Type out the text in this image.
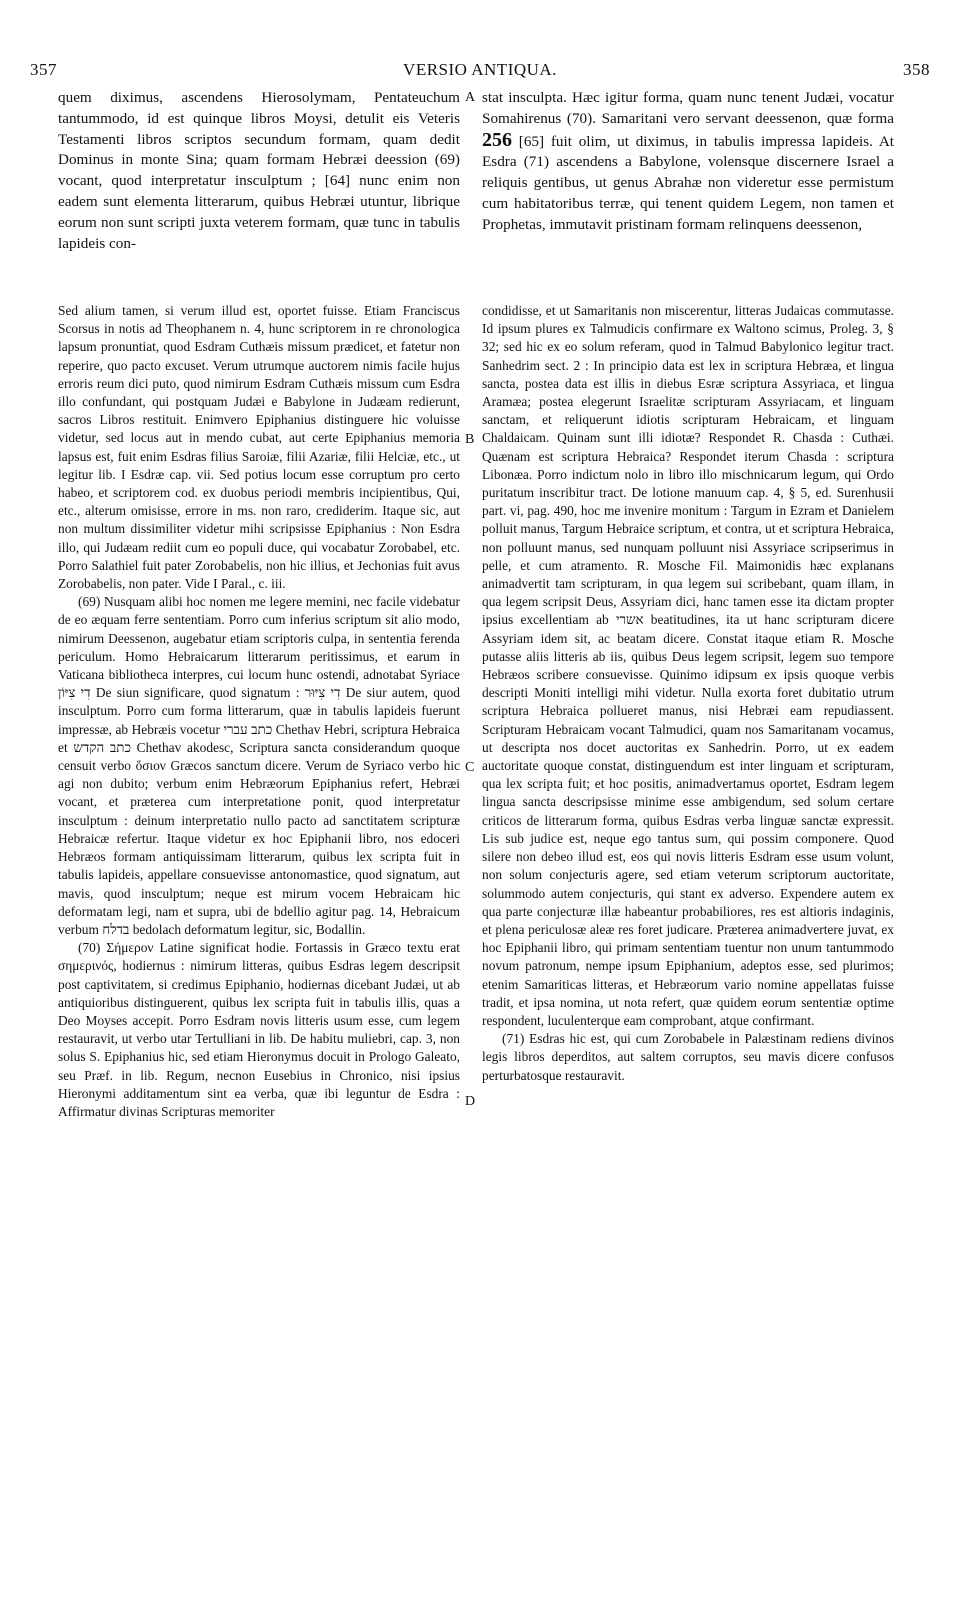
357	VERSIO ANTIQUA.	358

quem diximus, ascendens Hierosolymam, Pentateuchum tantummodo, id est quinque libros Moysi, detulit eis Veteris Testamenti libros scriptos secundum formam, quam dedit Dominus in monte Sina; quam formam Hebræi deession (69) vocant, quod interpretatur insculptum ; [64] nunc enim non eadem sunt elementa litterarum, quibus Hebræi utuntur, librique eorum non sunt scripti juxta veterem formam, quæ tunc in tabulis lapideis con-

stat insculpta. Hæc igitur forma, quam nunc tenent Judæi, vocatur Somahirenus (70). Samaritani vero servant deessenon, quæ forma 256 [65] fuit olim, ut diximus, in tabulis impressa lapideis. At Esdra (71) ascendens a Babylone, volensque discernere Israel a reliquis gentibus, ut genus Abrahæ non videretur esse permistum cum habitatoribus terræ, qui tenent quidem Legem, non tamen et Prophetas, immutavit pristinam formam relinquens deessenon,

Sed alium tamen, si verum illud est, oportet fuisse. Etiam Franciscus Scorsus in notis ad Theophanem n. 4, hunc scriptorem in re chronologica lapsum pronuntiat, quod Esdram Cuthæis missum prædicet, et fatetur non reperire, quo pacto excuset. Verum utrumque auctorem nimis facile hujus erroris reum dici puto, quod nimirum Esdram Cuthæis missum cum Esdra illo confundant, qui postquam Judæi e Babylone in Judæam redierunt, sacros Libros restituit. Enimvero Epiphanius distinguere hic voluisse videtur, sed locus aut in mendo cubat, aut certe Epiphanius memoria lapsus est, fuit enim Esdras filius Saroiæ, filii Azariæ, filii Helciæ, etc., ut legitur lib. I Esdræ cap. vii. Sed potius locum esse corruptum pro certo habeo, et scriptorem cod. ex duobus periodi membris incipientibus, Qui, etc., alterum omisisse, errore in ms. non raro, crediderim. Itaque sic, aut non multum dissimiliter videtur mihi scripsisse Epiphanius : Non Esdra illo, qui Judæam rediit cum eo populi duce, qui vocabatur Zorobabel, etc. Porro Salathiel fuit pater Zorobabelis, non hic illius, et Jechonias fuit avus Zorobabelis, non pater. Vide I Paral., c. iii.

(69) Nusquam alibi hoc nomen me legere memini, nec facile videbatur de eo æquam ferre sententiam. Porro cum inferius scriptum sit alio modo, nimirum Deessenon, augebatur etiam scriptoris culpa, in sententia ferenda periculum. Homo Hebraicarum litterarum peritissimus, et earum in Vaticana bibliotheca interpres, cui locum hunc ostendi, adnotabat Syriace דִי צִיּוֹן De siun significare, quod signatum : דִי צִיּוּר De siur autem, quod insculptum. Porro cum forma litterarum, quæ in tabulis lapideis fuerunt impressæ, ab Hebræis vocetur כתב עברי Chethav Hebri, scriptura Hebraica et כתב הקדש Chethav akodesc, Scriptura sancta considerandum quoque censuit verbo ὅσιον Græcos sanctum dicere. Verum de Syriaco verbo hic agi non dubito; verbum enim Hebræorum Epiphanius refert, Hebræi vocant, et præterea cum interpretatione ponit, quod interpretatur insculptum : deinum interpretatio nullo pacto ad sanctitatem scripturæ Hebraicæ refertur. Itaque videtur ex hoc Epiphanii libro, nos edoceri Hebræos formam antiquissimam litterarum, quibus lex scripta fuit in tabulis lapideis, appellare consuevisse antonomastice, quod signatum, aut mavis, quod insculptum; neque est mirum vocem Hebraicam hic deformatam legi, nam et supra, ubi de bdellio agitur pag. 14, Hebraicum verbum בדלח bedolach deformatum legitur, sic, Bodallin.

(70) Σήμερον Latine significat hodie. Fortassis in Græco textu erat σημερινός, hodiernus : nimirum litteras, quibus Esdras legem descripsit post captivitatem, si credimus Epiphanio, hodiernas dicebant Judæi, ut ab antiquioribus distinguerent, quibus lex scripta fuit in tabulis illis, quas a Deo Moyses accepit. Porro Esdram novis litteris usum esse, cum legem restauravit, ut verbo utar Tertulliani in lib. De habitu muliebri, cap. 3, non solus S. Epiphanius hic, sed etiam Hieronymus docuit in Prologo Galeato, seu Præf. in lib. Regum, necnon Eusebius in Chronico, nisi ipsius Hieronymi additamentum sint ea verba, quæ ibi leguntur de Esdra : Affirmatur divinas Scripturas memoriter

condidisse, et ut Samaritanis non miscerentur, litteras Judaicas commutasse. Id ipsum plures ex Talmudicis confirmare ex Waltono scimus, Proleg. 3, § 32; sed hic ex eo solum referam, quod in Talmud Babylonico legitur tract. Sanhedrim sect. 2 : In principio data est lex in scriptura Hebræa, et lingua sancta, postea data est illis in diebus Esræ scriptura Assyriaca, et lingua Aramæa; postea elegerunt Israelitæ scripturam Assyriacam, et linguam sanctam, et reliquerunt idiotis scripturam Hebraicam, et linguam Chaldaicam. Quinam sunt illi idiotæ? Respondet R. Chasda : Cuthæi. Quænam est scriptura Hebraica? Respondet iterum Chasda : scriptura Libonæa. Porro indictum nolo in libro illo mischnicarum legum, qui Ordo puritatum inscribitur tract. De lotione manuum cap. 4, § 5, ed. Surenhusii part. vi, pag. 490, hoc me invenire monitum : Targum in Ezram et Danielem polluit manus, Targum Hebraice scriptum, et contra, ut et scriptura Hebraica, non polluunt manus, sed nunquam polluunt nisi Assyriace scripserimus in pelle, et cum atramento. R. Mosche Fil. Maimonidis hæc explanans animadvertit tam scripturam, in qua legem sui scribebant, quam illam, in qua legem scripsit Deus, Assyriam dici, hanc tamen esse ita dictam propter ipsius excellentiam ab אשרי beatitudines, ita ut hanc scripturam dicere Assyriam idem sit, ac beatam dicere. Constat itaque etiam R. Mosche putasse aliis litteris ab iis, quibus Deus legem scripsit, legem suo tempore Hebræos scribere consuevisse. Quinimo idipsum ex ipsis quoque verbis descripti Moniti intelligi mihi videtur. Nulla exorta foret dubitatio utrum scriptura Hebraica pollueret manus, nisi Hebræi eam repudiassent. Scripturam Hebraicam vocant Talmudici, quam nos Samaritanam vocamus, ut descripta nos docet auctoritas ex Sanhedrin. Porro, ut ex eadem auctoritate quoque constat, distinguendum est inter linguam et scripturam, qua lex scripta fuit; et hoc positis, animadvertamus oportet, Esdram legem lingua sancta descripsisse minime esse ambigendum, sed solum certare criticos de litterarum forma, quibus Esdras verba linguæ sanctæ expressit. Lis sub judice est, neque ego tantus sum, qui possim componere. Quod silere non debeo illud est, eos qui novis litteris Esdram esse usum volunt, non solum conjecturis agere, sed etiam veterum scriptorum auctoritate, solummodo autem conjecturis, qui stant ex adverso. Expendere autem ex qua parte conjecturæ illæ habeantur probabiliores, res est altioris indaginis, et plena periculosæ aleæ res foret judicare. Præterea animadvertere juvat, ex hoc Epiphanii libro, qui primam sententiam tuentur non unum tantummodo novum patronum, nempe ipsum Epiphanium, adeptos esse, sed plurimos; etenim Samariticas litteras, et Hebræorum vario nomine appellatas fuisse tradit, et ipsa nomina, ut nota refert, quæ quidem eorum sententiæ optime respondent, luculenterque eam comprobant, atque confirmant.

(71) Esdras hic est, qui cum Zorobabele in Palæstinam rediens divinos legis libros deperditos, aut saltem corruptos, seu mavis dicere confusos perturbatosque restauravit.

A
B
C
D
